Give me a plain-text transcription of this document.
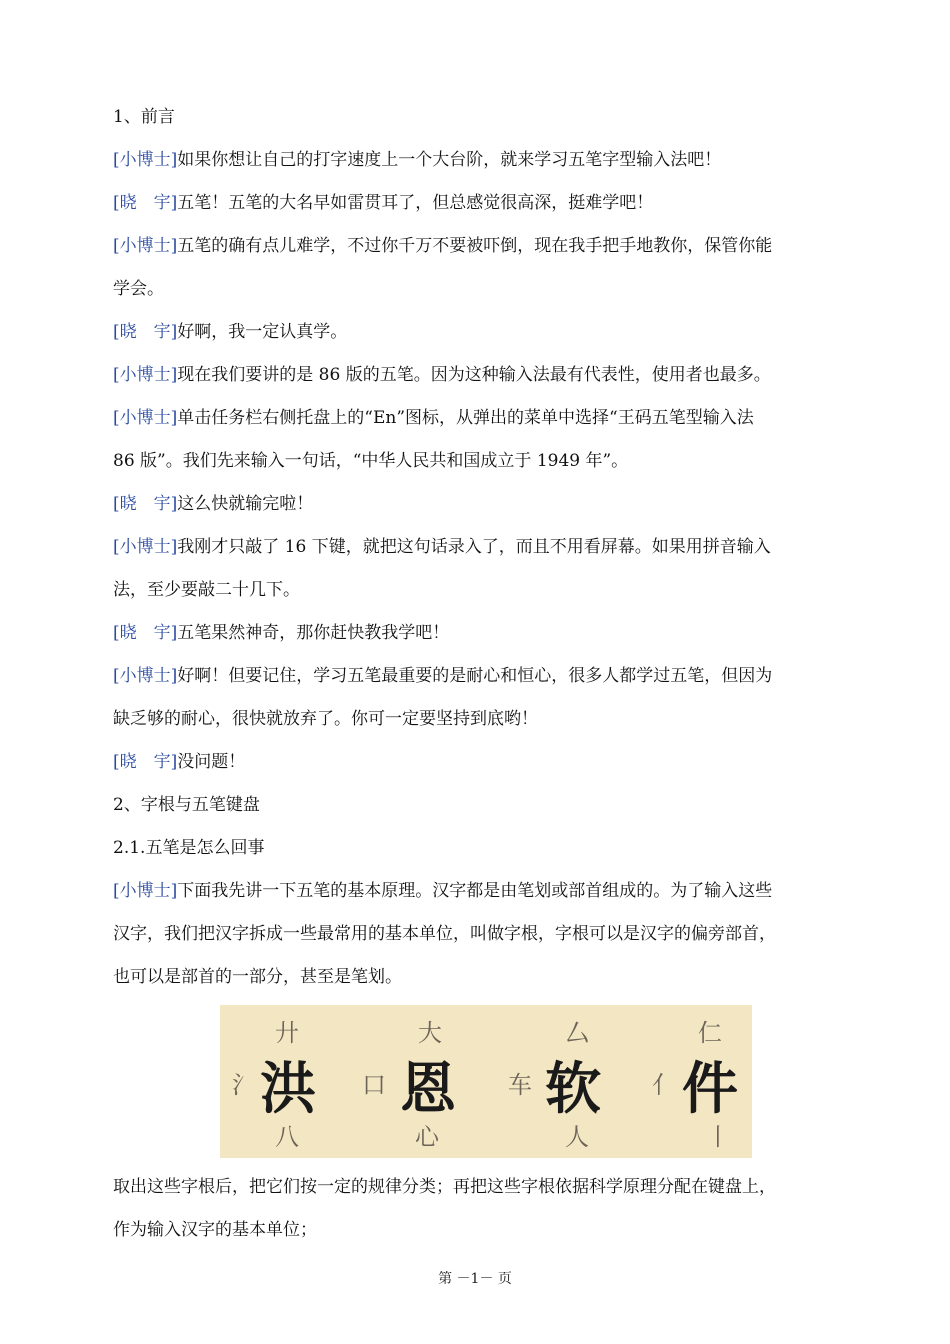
1、前言
[小博士]如果你想让自己的打字速度上一个大台阶，就来学习五笔字型输入法吧！
[晓　宇]五笔！五笔的大名早如雷贯耳了，但总感觉很高深，挺难学吧！
[小博士]五笔的确有点儿难学，不过你千万不要被吓倒，现在我手把手地教你，保管你能
学会。
[晓　宇]好啊，我一定认真学。
[小博士]现在我们要讲的是 86 版的五笔。因为这种输入法最有代表性，使用者也最多。
[小博士]单击任务栏右侧托盘上的“En”图标，从弹出的菜单中选择“王码五笔型输入法
86 版”。我们先来输入一句话，“中华人民共和国成立于 1949 年”。
[晓　宇]这么快就输完啦！
[小博士]我刚才只敲了 16 下键，就把这句话录入了，而且不用看屏幕。如果用拼音输入
法，至少要敲二十几下。
[晓　宇]五笔果然神奇，那你赶快教我学吧！
[小博士]好啊！但要记住，学习五笔最重要的是耐心和恒心，很多人都学过五笔，但因为
缺乏够的耐心，很快就放弃了。你可一定要坚持到底哟！
[晓　宇]没问题！
2、字根与五笔键盘
2.1.五笔是怎么回事
[小博士]下面我先讲一下五笔的基本原理。汉字都是由笔划或部首组成的。为了输入这些
汉字，我们把汉字拆成一些最常用的基本单位，叫做字根，字根可以是汉字的偏旁部首，
也可以是部首的一部分，甚至是笔划。
氵
廾
洪
八
口
大
恩
心
车
厶
软
人
亻
仁
件
丨
取出这些字根后，把它们按一定的规律分类；再把这些字根依据科学原理分配在键盘上，
作为输入汉字的基本单位；
第 －1－ 页
